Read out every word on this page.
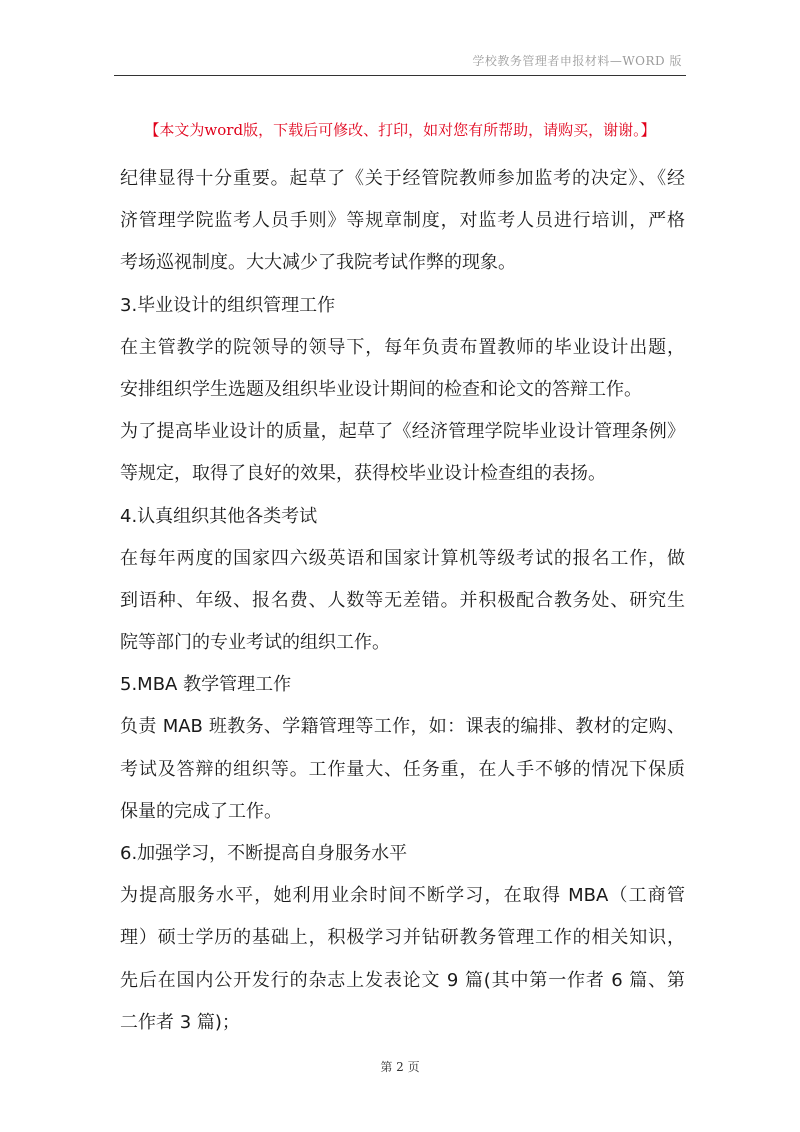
学校教务管理者申报材料—WORD 版
【本文为word版，下载后可修改、打印，如对您有所帮助，请购买，谢谢。】
纪律显得十分重要。起草了《关于经管院教师参加监考的决定》、《经
济管理学院监考人员手则》等规章制度，对监考人员进行培训，严格
考场巡视制度。大大减少了我院考试作弊的现象。
3.毕业设计的组织管理工作
在主管教学的院领导的领导下，每年负责布置教师的毕业设计出题，
安排组织学生选题及组织毕业设计期间的检查和论文的答辩工作。
为了提高毕业设计的质量，起草了《经济管理学院毕业设计管理条例》
等规定，取得了良好的效果，获得校毕业设计检查组的表扬。
4.认真组织其他各类考试
在每年两度的国家四六级英语和国家计算机等级考试的报名工作，做
到语种、年级、报名费、人数等无差错。并积极配合教务处、研究生
院等部门的专业考试的组织工作。
5.MBA 教学管理工作
负责 MAB 班教务、学籍管理等工作，如：课表的编排、教材的定购、
考试及答辩的组织等。工作量大、任务重，在人手不够的情况下保质
保量的完成了工作。
6.加强学习，不断提高自身服务水平
为提高服务水平，她利用业余时间不断学习，在取得 MBA（工商管
理）硕士学历的基础上，积极学习并钻研教务管理工作的相关知识，
先后在国内公开发行的杂志上发表论文 9 篇(其中第一作者 6 篇、第
二作者 3 篇)；
第 2 页
